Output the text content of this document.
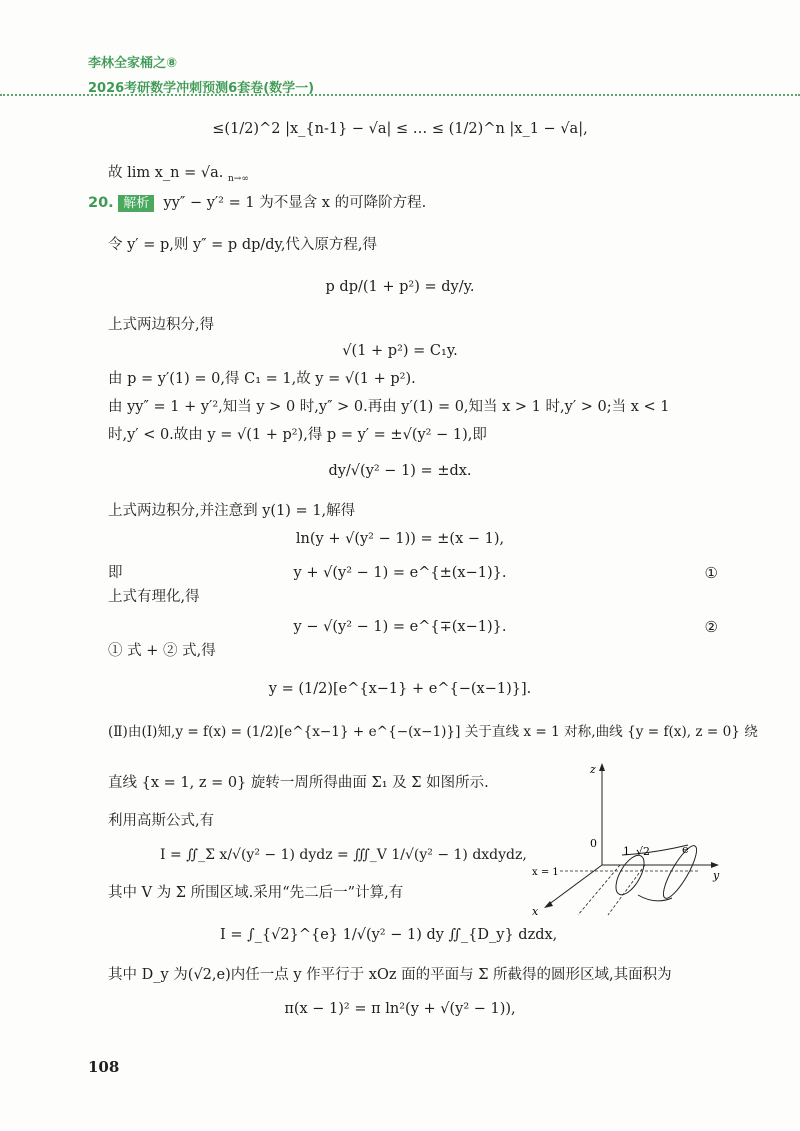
李林全家桶之⑧
2026考研数学冲刺预测6套卷(数学一)
≤(1/2)^2 |x_{n-1} − √a| ≤ … ≤ (1/2)^n |x_1 − √a|,
故 lim x_n = √a. $_{n\to\infty}$
20. 解析 yy″ − y′² = 1 为不显含 x 的可降阶方程.
令 y′ = p,则 y″ = p dp/dy,代入原方程,得
p dp/(1 + p²) = dy/y.
上式两边积分,得
√(1 + p²) = C₁y.
由 p = y′(1) = 0,得 C₁ = 1,故 y = √(1 + p²).
由 yy″ = 1 + y′²,知当 y > 0 时,y″ > 0.再由 y′(1) = 0,知当 x > 1 时,y′ > 0;当 x < 1
时,y′ < 0.故由 y = √(1 + p²),得 p = y′ = ±√(y² − 1),即
dy/√(y² − 1) = ±dx.
上式两边积分,并注意到 y(1) = 1,解得
ln(y + √(y² − 1)) = ±(x − 1),
即	y + √(y² − 1) = e^{±(x−1)}.	①
上式有理化,得
y − √(y² − 1) = e^{∓(x−1)}.	②
① 式 + ② 式,得
y = (1/2)[e^{x−1} + e^{−(x−1)}].
(Ⅱ)由(Ⅰ)知,y = f(x) = (1/2)[e^{x−1} + e^{−(x−1)}] 关于直线 x = 1 对称,曲线 {y = f(x), z = 0} 绕
直线 {x = 1, z = 0} 旋转一周所得曲面 Σ₁ 及 Σ 如图所示.
利用高斯公式,有
I = ∬_Σ x/√(y² − 1) dydz = ∭_V 1/√(y² − 1) dxdydz,
其中 V 为 Σ 所围区域.采用“先二后一”计算,有
I = ∫_{√2}^{e} 1/√(y² − 1) dy ∬_{D_y} dzdx,
其中 D_y 为(√2,e)内任一点 y 作平行于 xOz 面的平面与 Σ 所截得的圆形区域,其面积为
π(x − 1)² = π ln²(y + √(y² − 1)),
z
y
x
0
x = 1
1 √2	e
108
